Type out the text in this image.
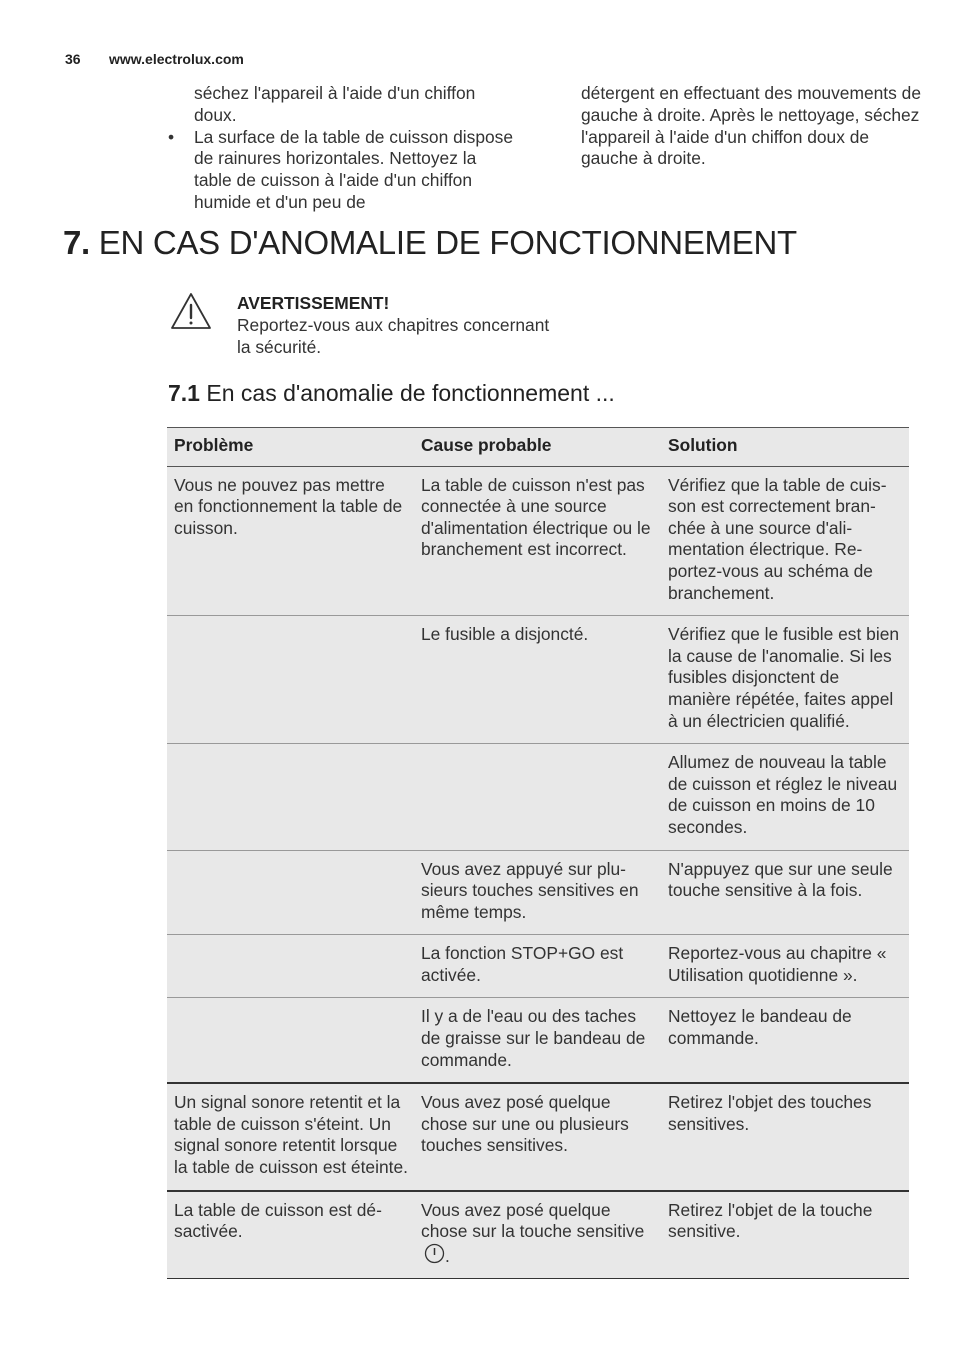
36 www.electrolux.com

séchez l'appareil à l'aide d'un chiffon doux.

• La surface de la table de cuisson dispose de rainures horizontales. Nettoyez la table de cuisson à l'aide d'un chiffon humide et d'un peu de

détergent en effectuant des mouvements de gauche à droite. Après le nettoyage, séchez l'appareil à l'aide d'un chiffon doux de gauche à droite.

7. EN CAS D'ANOMALIE DE FONCTIONNEMENT
AVERTISSEMENT!
Reportez-vous aux chapitres concernant la sécurité.
7.1 En cas d'anomalie de fonctionnement ...
Problème	Cause probable	Solution
Vous ne pouvez pas mettre en fonctionnement la table de cuisson.	La table de cuisson n'est pas connectée à une source d'alimentation électrique ou le branchement est incorrect.	Vérifiez que la table de cuisson est correctement branchée à une source d'alimentation électrique. Reportez-vous au schéma de branchement.
	Le fusible a disjoncté.	Vérifiez que le fusible est bien la cause de l'anomalie. Si les fusibles disjonctent de manière répétée, faites appel à un électricien qualifié.
		Allumez de nouveau la table de cuisson et réglez le niveau de cuisson en moins de 10 secondes.
	Vous avez appuyé sur plusieurs touches sensitives en même temps.	N'appuyez que sur une seule touche sensitive à la fois.
	La fonction STOP+GO est activée.	Reportez-vous au chapitre « Utilisation quotidienne ».
	Il y a de l'eau ou des taches de graisse sur le bandeau de commande.	Nettoyez le bandeau de commande.
Un signal sonore retentit et la table de cuisson s'éteint. Un signal sonore retentit lorsque la table de cuisson est éteinte.	Vous avez posé quelque chose sur une ou plusieurs touches sensitives.	Retirez l'objet des touches sensitives.
La table de cuisson est désactivée.	Vous avez posé quelque chose sur la touche sensitive.	Retirez l'objet de la touche sensitive.
